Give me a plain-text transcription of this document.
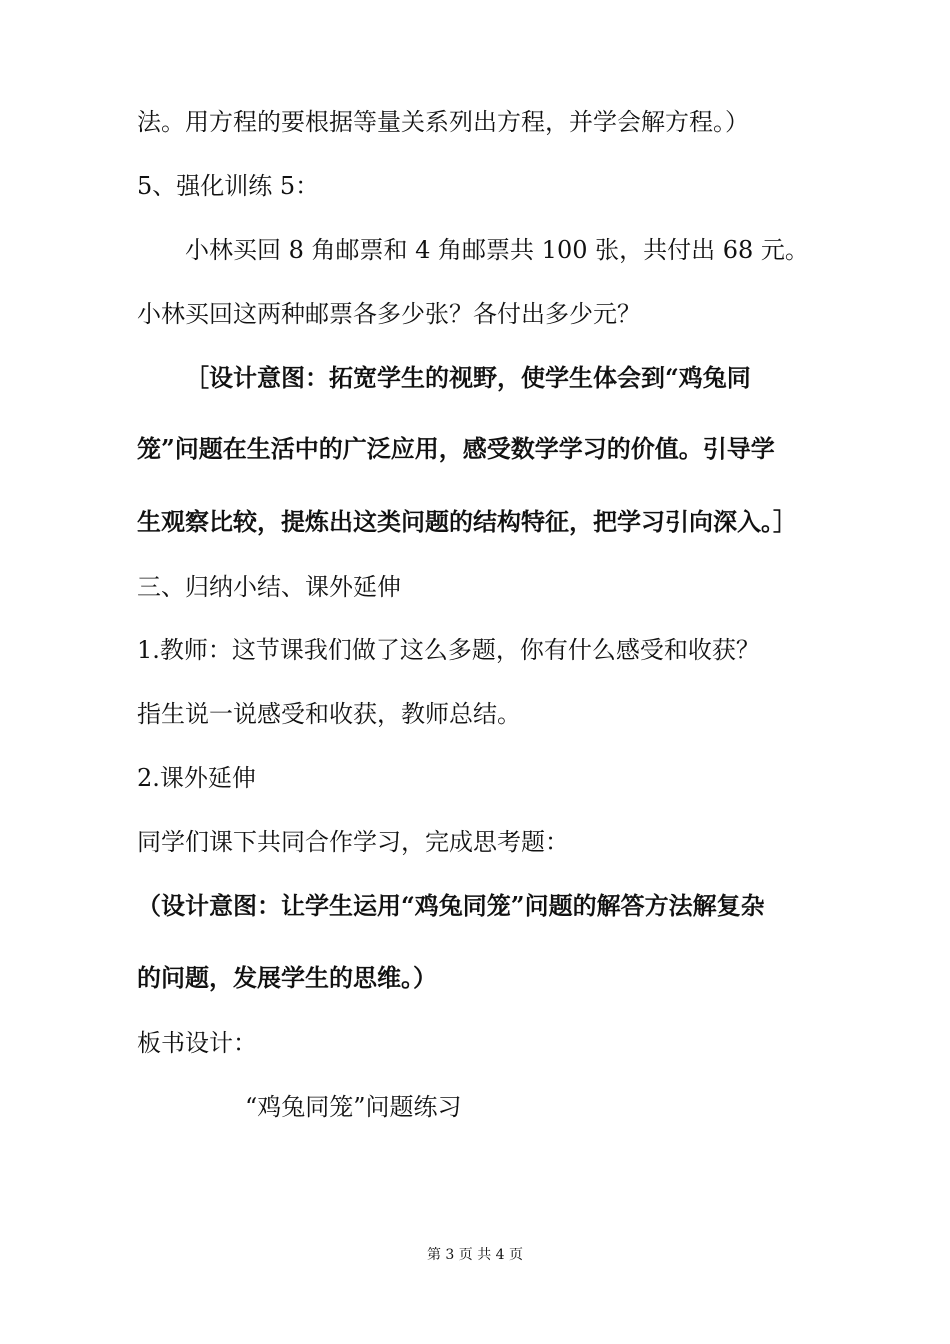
法。用方程的要根据等量关系列出方程，并学会解方程。）
5、强化训练 5：
小林买回 8 角邮票和 4 角邮票共 100 张，共付出 68 元。
小林买回这两种邮票各多少张？各付出多少元？
［设计意图：拓宽学生的视野，使学生体会到“鸡兔同
笼”问题在生活中的广泛应用，感受数学学习的价值。引导学
生观察比较，提炼出这类问题的结构特征，把学习引向深入。］
三、归纳小结、课外延伸
1.教师：这节课我们做了这么多题，你有什么感受和收获？
指生说一说感受和收获，教师总结。
2.课外延伸
同学们课下共同合作学习，完成思考题：
（设计意图：让学生运用“鸡兔同笼”问题的解答方法解复杂
的问题，发展学生的思维。）
板书设计：
“鸡兔同笼”问题练习
第 3 页 共 4 页
